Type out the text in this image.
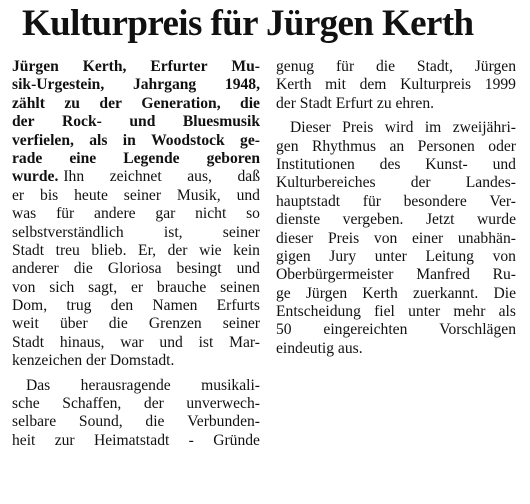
Kulturpreis für Jürgen Kerth
Jürgen Kerth, Erfurter Mu-
sik-Urgestein, Jahrgang 1948,
zählt zu der Generation, die
der Rock- und Bluesmusik
verfielen, als in Woodstock ge-
rade eine Legende geboren
wurde. Ihn zeichnet aus, daß
er bis heute seiner Musik, und
was für andere gar nicht so
selbstverständlich	ist,	seiner
Stadt treu blieb. Er, der wie kein
anderer die Gloriosa besingt und
von sich sagt, er brauche seinen
Dom, trug den Namen Erfurts
weit über die Grenzen seiner
Stadt hinaus, war und ist Mar-
kenzeichen der Domstadt.
Das herausragende musikali-
sche Schaffen, der unverwech-
selbare Sound, die Verbunden-
heit zur Heimatstadt - Gründe
genug für die Stadt, Jürgen
Kerth mit dem Kulturpreis 1999
der Stadt Erfurt zu ehren.
Dieser Preis wird im zweijähri-
gen Rhythmus an Personen oder
Institutionen des Kunst- und
Kulturbereiches der Landes-
hauptstadt für besondere Ver-
dienste vergeben. Jetzt wurde
dieser Preis von einer unabhän-
gigen Jury unter Leitung von
Oberbürgermeister Manfred Ru-
ge Jürgen Kerth zuerkannt. Die
Entscheidung fiel unter mehr als
50 eingereichten Vorschlägen
eindeutig aus.
